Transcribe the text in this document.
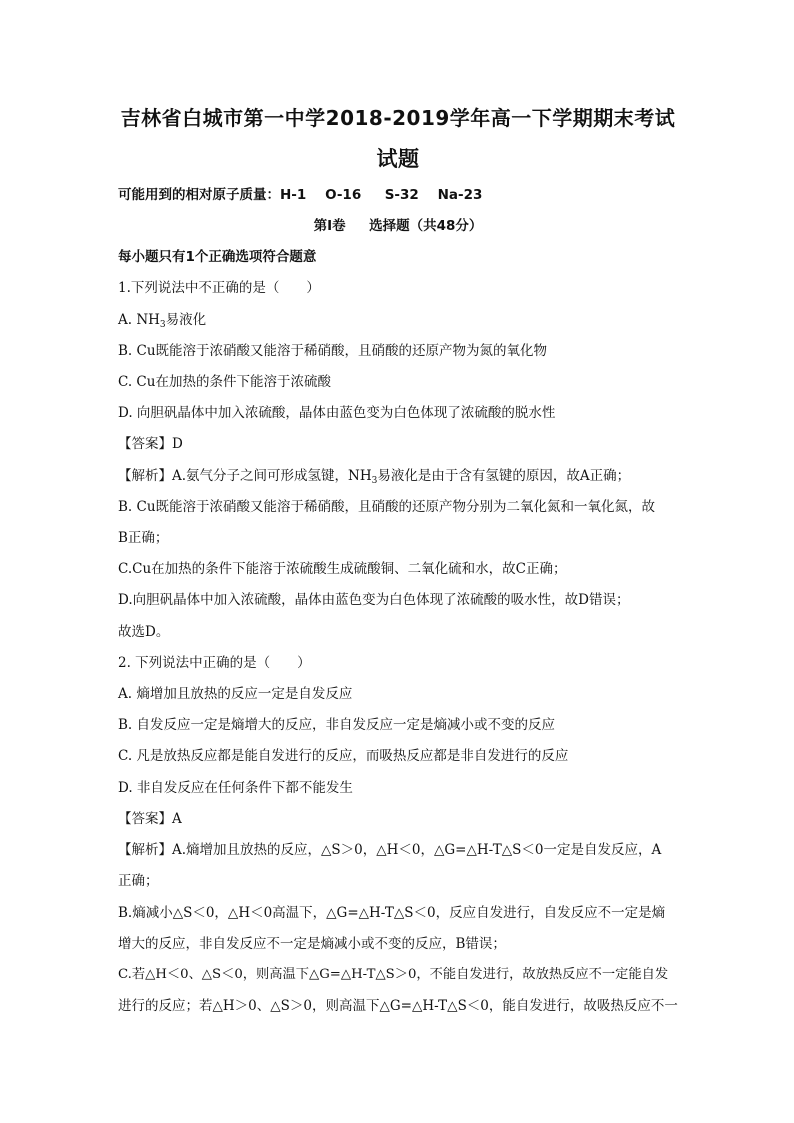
吉林省白城市第一中学2018-2019学年高一下学期期末考试
试题
可能用到的相对原子质量：H-1    O-16     S-32    Na-23
第Ⅰ卷     选择题（共48分）
每小题只有1个正确选项符合题意
1.下列说法中不正确的是（　　）
A. $NH_3$易液化
B. Cu既能溶于浓硝酸又能溶于稀硝酸，且硝酸的还原产物为氮的氧化物
C. Cu在加热的条件下能溶于浓硫酸
D. 向胆矾晶体中加入浓硫酸，晶体由蓝色变为白色体现了浓硫酸的脱水性
【答案】D
【解析】A.氨气分子之间可形成氢键，$NH_3$易液化是由于含有氢键的原因，故A正确；
B. Cu既能溶于浓硝酸又能溶于稀硝酸，且硝酸的还原产物分别为二氧化氮和一氧化氮，故
B正确；
C.Cu在加热的条件下能溶于浓硫酸生成硫酸铜、二氧化硫和水，故C正确；
D.向胆矾晶体中加入浓硫酸，晶体由蓝色变为白色体现了浓硫酸的吸水性，故D错误；
故选D。
2. 下列说法中正确的是（　　）
A. 熵增加且放热的反应一定是自发反应
B. 自发反应一定是熵增大的反应，非自发反应一定是熵减小或不变的反应
C. 凡是放热反应都是能自发进行的反应，而吸热反应都是非自发进行的反应
D. 非自发反应在任何条件下都不能发生
【答案】A
【解析】A.熵增加且放热的反应，△S＞0，△H＜0，△G=△H-T△S＜0一定是自发反应，A
正确；
B.熵减小△S＜0，△H＜0高温下，△G=△H-T△S＜0，反应自发进行，自发反应不一定是熵
增大的反应，非自发反应不一定是熵减小或不变的反应，B错误；
C.若△H＜0、△S＜0，则高温下△G=△H-T△S＞0，不能自发进行，故放热反应不一定能自发
进行的反应；若△H＞0、△S＞0，则高温下△G=△H-T△S＜0，能自发进行，故吸热反应不一
